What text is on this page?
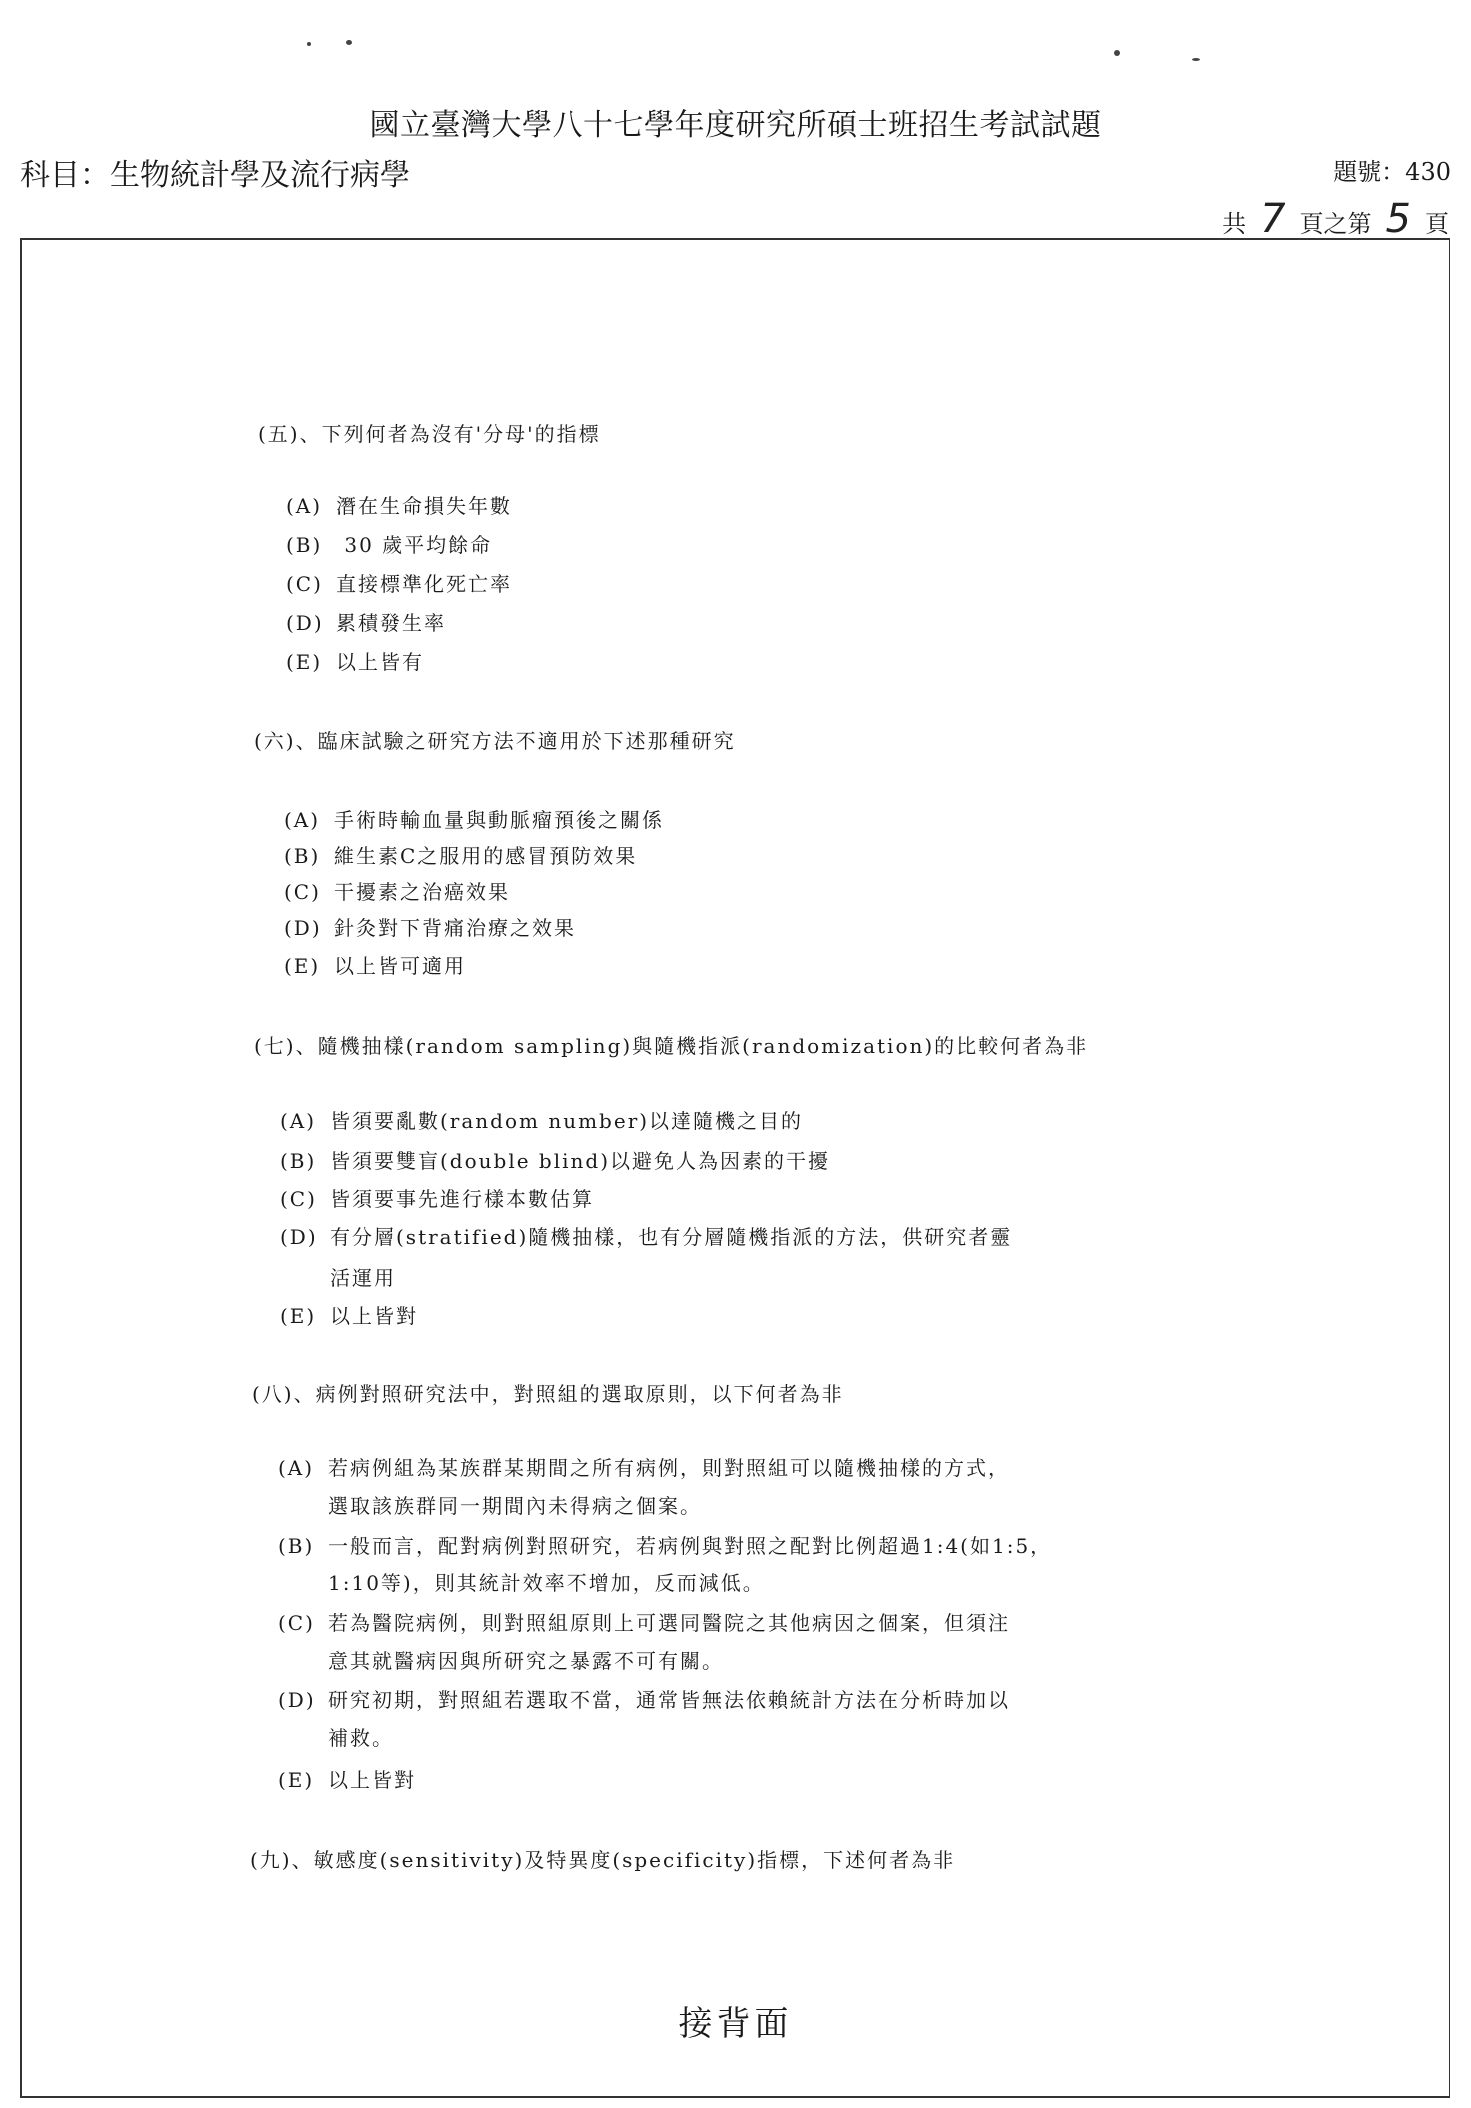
國立臺灣大學八十七學年度研究所碩士班招生考試試題
科目：生物統計學及流行病學	題號：430
共 7 頁之第 5 頁
(五)、下列何者為沒有'分母'的指標
(A) 潛在生命損失年數
(B) 30 歲平均餘命
(C) 直接標準化死亡率
(D) 累積發生率
(E) 以上皆有
(六)、臨床試驗之研究方法不適用於下述那種研究
(A) 手術時輸血量與動脈瘤預後之關係
(B) 維生素C之服用的感冒預防效果
(C) 干擾素之治癌效果
(D) 針灸對下背痛治療之效果
(E) 以上皆可適用
(七)、隨機抽樣(random sampling)與隨機指派(randomization)的比較何者為非
(A) 皆須要亂數(random number)以達隨機之目的
(B) 皆須要雙盲(double blind)以避免人為因素的干擾
(C) 皆須要事先進行樣本數估算
(D) 有分層(stratified)隨機抽樣，也有分層隨機指派的方法，供研究者靈
活運用
(E) 以上皆對
(八)、病例對照研究法中，對照組的選取原則，以下何者為非
(A) 若病例組為某族群某期間之所有病例，則對照組可以隨機抽樣的方式，
選取該族群同一期間內未得病之個案。
(B) 一般而言，配對病例對照研究，若病例與對照之配對比例超過1:4(如1:5，
1:10等)，則其統計效率不增加，反而減低。
(C) 若為醫院病例，則對照組原則上可選同醫院之其他病因之個案，但須注
意其就醫病因與所研究之暴露不可有關。
(D) 研究初期，對照組若選取不當，通常皆無法依賴統計方法在分析時加以
補救。
(E) 以上皆對
(九)、敏感度(sensitivity)及特異度(specificity)指標，下述何者為非
接背面
